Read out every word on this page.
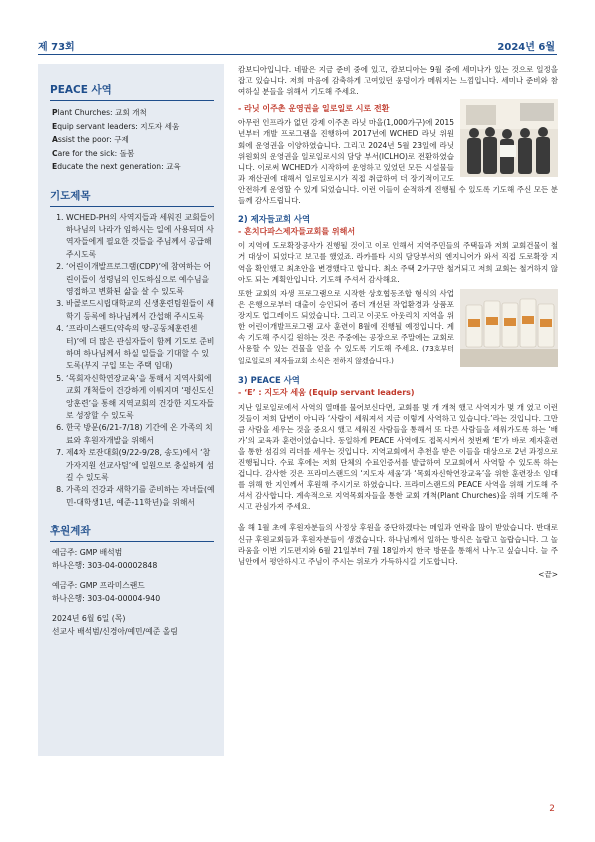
제 73회	2024년 6월
PEACE 사역
Plant Churches: 교회 개척
Equip servant leaders: 지도자 세움
Assist the poor: 구제
Care for the sick: 돌봄
Educate the next generation: 교육
기도제목
1. WCHED-PH의 사역지들과 세워진 교회들이 하나님의 나라가 임하시는 일에 사용되며 사역자들에게 필요한 것들을 주님께서 공급해 주시도록
2. ‘어린이개발프로그램(CDP)’에 참여하는 어린이들이 성령님의 인도하심으로 예수님을 영접하고 변화된 삶을 살 수 있도록
3. 바콜로드시립대학교의 신생훈련팀원들이 새학기 등록에 하나님께서 간섭해 주시도록
4. ‘프라미스랜드(약속의 땅-공동체훈련센터)’에 더 많은 관심자들이 함께 기도로 준비하며 하나님께서 하실 일들을 기대할 수 있도록(부지 구입 또는 주택 임대)
5. ‘목회자신학연장교육’을 통해서 지역사회에 교회 개척들이 건강하게 이뤄지며 ‘평신도신앙훈련’을 통해 지역교회의 건강한 지도자들로 성장할 수 있도록
6. 한국 방문(6/21-7/18) 기간에 온 가족의 치료와 후원자개발을 위해서
7. 제4차 로잔대회(9/22-9/28, 송도)에서 ‘참가자지원 선교사팀’에 일원으로 충실하게 섬길 수 있도록
8. 가족의 건강과 새학기를 준비하는 자녀들(예민-대학생1년, 예준-11학년)을 위해서
후원계좌
예금주: GMP 배석범
하나은행: 303-04-00002848
예금주: GMP 프라미스랜드
하나은행: 303-04-00004-940
2024년 6월 6일 (목)
선교사 배석범/신경아/예민/예준 올림

캄보디아입니다. 네팔은 지금 준비 중에 있고, 캄보디아는 9월 중에 세미나가 있는 것으로 일정을 잡고 있습니다. 저희 마음에 감축하게 고여있던 웅덩이가 메워지는 느낌입니다. 세미나 준비와 참여하실 분들을 위해서 기도해 주세요.

- 라닛 이주촌 운영권을 일로일로 시로 전환

아무런 인프라가 없던 강제 이주촌 라닛 마을(1,000가구)에 2015년부터 개발 프로그램을 진행하여 2017년에 WCHED 라닛 위원회에 운영권을 이양하였습니다. 그리고 2024년 5월 23일에 라닛 위원회의 운영권을 일로일로시의 담당 부서(ICLHO)로 전환하였습니다. 이로써 WCHED가 시작하여 운영하고 있었던 모든 시설물들과 재산권에 대해서 일로일로시가 직접 취급하여 더 장기적이고도 안전하게 운영할 수 있게 되었습니다. 이런 이들이 순적하게 진행될 수 있도록 기도해 주신 모든 분들께 감사드립니다.

2) 제자들교회 사역
- 혼치다파스제자들교회를 위해서

이 지역에 도로확장공사가 진행될 것이고 이로 인해서 지역주민들의 주택들과 저희 교회건물이 철거 대상이 되었다고 보고를 했었죠. 라카를타 시의 담당부서의 엔지니어가 와서 직접 도로확장 지역을 확인했고 최초안을 변경했다고 합니다. 최소 주택 2가구만 철거되고 저희 교회는 철거하지 않아도 되는 계획안입니다. 기도해 주셔서 감사해요.

또한 교회의 자생 프로그램으로 시작한 상호협동조합 형식의 사업은 은행으로부터 대출이 승인되어 좀더 개선된 작업환경과 상품포장지도 업그레이드 되었습니다. 그리고 이곳도 아웃리치 지역을 위한 어린이개발프로그램 교사 훈련이 8월에 진행될 예정입니다. 계속 기도해 주시길 원하는 것은 주중에는 공장으로 주말에는 교회로 사용할 수 있는 건물을 얻을 수 있도록 기도해 주세요. (73호부터 일로일로의 제자들교회 소식은 전하지 않겠습니다.)

3) PEACE 사역
- ‘E’ : 지도자 세움 (Equip servant leaders)

지난 일로일로에서 사역의 열매를 물어보신다면, 교회를 몇 개 개척 했고 사역지가 몇 개 였고 이런 것들이 저희 답변이 아니라 ‘사람이 세워져서 지금 이렇게 사역하고 있습니다.’라는 것입니다. 그만큼 사람을 세우는 것을 중요시 했고 세워진 사람들을 통해서 또 다른 사람들을 세워가도록 하는 ‘배가’의 교육과 훈련이었습니다. 동일하게 PEACE 사역에도 접목시켜서 첫번째 ‘E’가 바로 제자훈련을 통한 섬김의 리더를 세우는 것입니다. 지역교회에서 추천을 받은 이들을 대상으로 2년 과정으로 진행됩니다. 수료 후에는 저희 단체의 수료인증서를 발급하여 모교회에서 사역할 수 있도록 하는 겁니다. 감사한 것은 프라미스랜드의 ‘지도자 세움’과 ‘목회자신학연장교육’을 위한 훈련장소 임대를 위해 한 지인께서 후원해 주시기로 하였습니다. 프라미스랜드의 PEACE 사역을 위해 기도해 주셔서 감사합니다. 계속적으로 지역목회자들을 통한 교회 개척(Plant Churches)을 위해 기도해 주시고 관심가져 주세요.

올 해 1월 초에 후원자분들의 사정상 후원을 중단하겠다는 메일과 연락을 많이 받았습니다. 반대로 신규 후원교회들과 후원자분들이 생겼습니다. 하나님께서 일하는 방식은 놀랍고 놀랍습니다. 그 놀라움을 이번 기도편지와 6월 21일부터 7월 18일까지 한국 방문을 통해서 나누고 싶습니다. 늘 주님안에서 평안하시고 주님이 주시는 위로가 가득하시길 기도합니다.

<끝>
2
